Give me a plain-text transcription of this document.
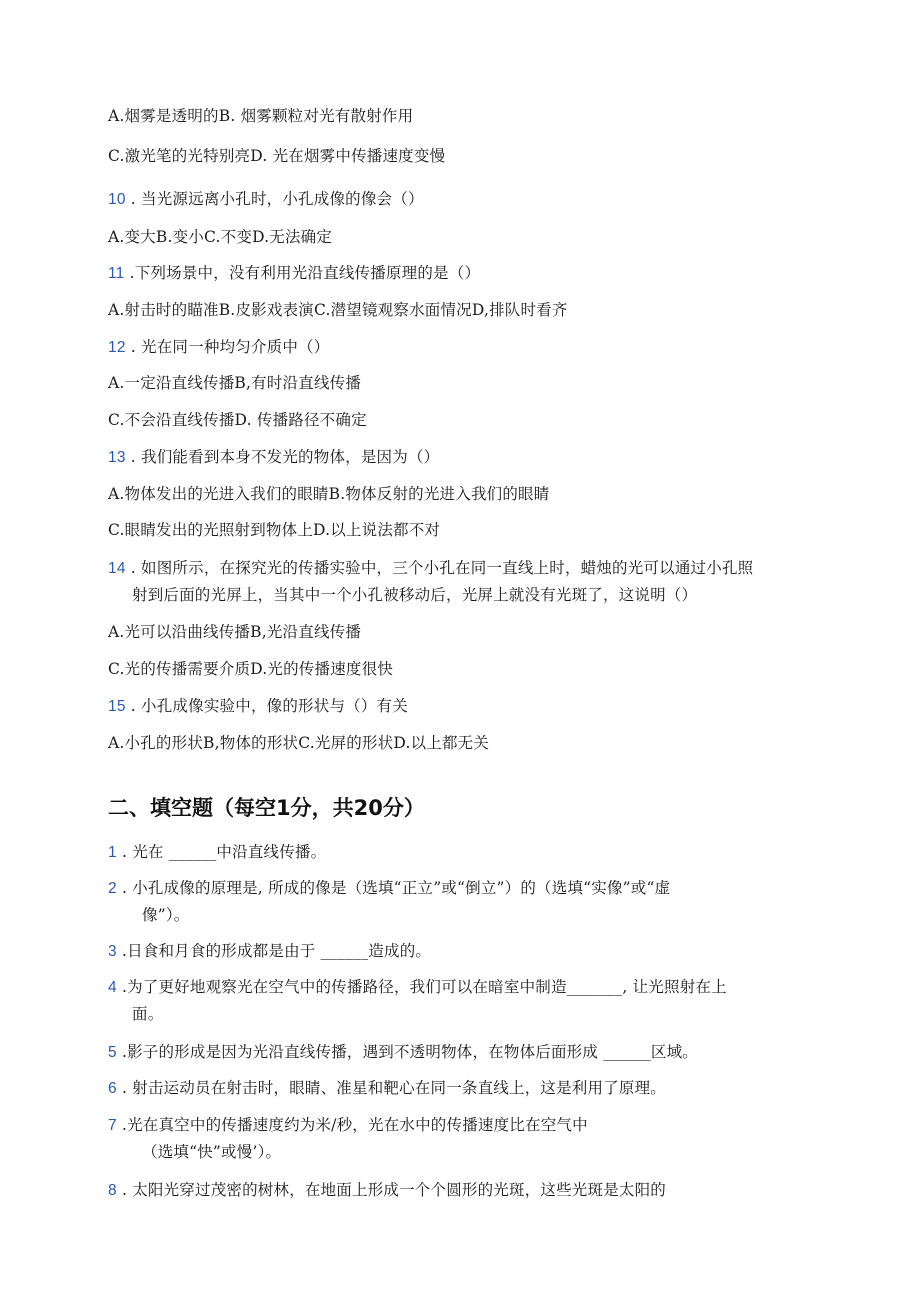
A.烟雾是透明的B. 烟雾颗粒对光有散射作用
C.激光笔的光特别亮D. 光在烟雾中传播速度变慢
10 . 当光源远离小孔时，小孔成像的像会（）
A.变大B.变小C.不变D.无法确定
11 .下列场景中，没有利用光沿直线传播原理的是（）
A.射击时的瞄准B.皮影戏表演C.潜望镜观察水面情况D,排队时看齐
12 . 光在同一种均匀介质中（）
A.一定沿直线传播B,有时沿直线传播
C.不会沿直线传播D. 传播路径不确定
13 . 我们能看到本身不发光的物体，是因为（）
A.物体发出的光进入我们的眼睛B.物体反射的光进入我们的眼睛
C.眼睛发出的光照射到物体上D.以上说法都不对
14 . 如图所示，在探究光的传播实验中，三个小孔在同一直线上时，蜡烛的光可以通过小孔照
射到后面的光屏上，当其中一个小孔被移动后，光屏上就没有光斑了，这说明（）
A.光可以沿曲线传播B,光沿直线传播
C.光的传播需要介质D.光的传播速度很快
15 . 小孔成像实验中，像的形状与（）有关
A.小孔的形状B,物体的形状C.光屏的形状D.以上都无关
二、填空题（每空1分，共20分）
1 . 光在 ______中沿直线传播。
2 . 小孔成像的原理是, 所成的像是（选填“正立”或“倒立”）的（选填“实像”或“虚
像”）。
3 .日食和月食的形成都是由于 ______造成的。
4 .为了更好地观察光在空气中的传播路径，我们可以在暗室中制造_______, 让光照射在上
面。
5 .影子的形成是因为光沿直线传播，遇到不透明物体，在物体后面形成 ______区域。
6 . 射击运动员在射击时，眼睛、准星和靶心在同一条直线上，这是利用了原理。
7 .光在真空中的传播速度约为米/秒，光在水中的传播速度比在空气中
（选填“快”或慢’）。
8 . 太阳光穿过茂密的树林，在地面上形成一个个圆形的光斑，这些光斑是太阳的
